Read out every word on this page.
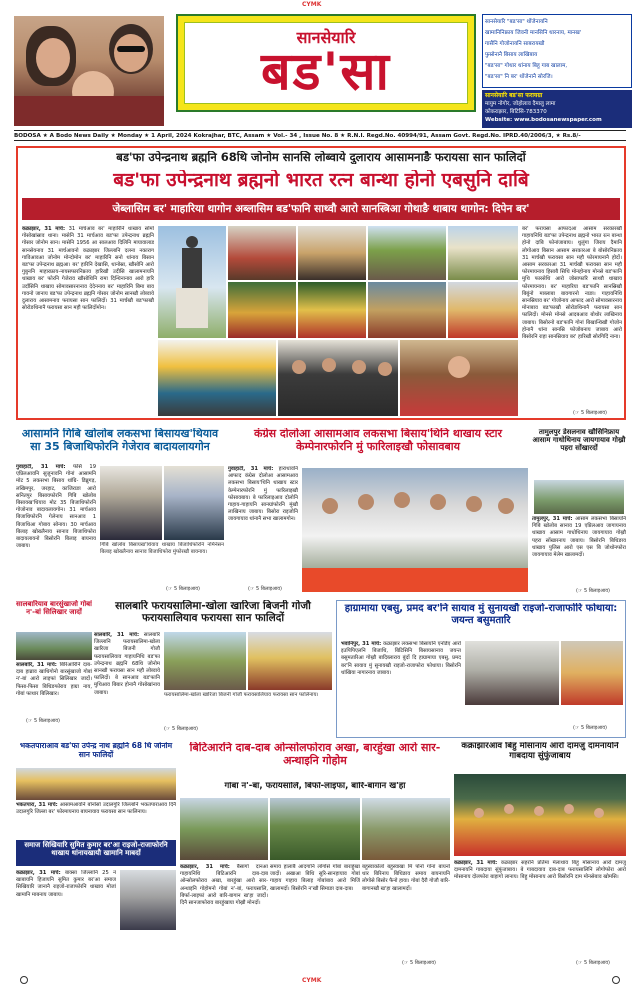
CYMK
सानसेयारि
बड'सा
सानसेयारि "बड'सा" थोंजेनायनि
खामानिनिफ्राय जिवनी मानसिनि थारनाय, मानख'
गासैनि गोजोनायनि साबरायखौ
फुस्रोनानै बिसाय लाखिबाय
"बड'सा" गोथार थांनाय बिहु गाब खालाम,
"बड'सा" नि बर' थोंजेनानै सोरजि।
सानसेयारि बड'सा फरायग्रा
मायुम नोगोर, जोहोलाव दैमालु लामा
कोकराझार, बिटिसि-783370
Website: www.bodosanewspaper.com
BODOSA ★ A Bodo News Daily ★ Monday ★ 1 April, 2024 Kokrajhar, BTC, Assam ★ Vol.- 34 , Issue No. 8 ★ R.N.I. Regd.No. 40994/91, Assam Govt. Regd.No. IPRD.40/2006/3, ★ Rs.8/-
बड'फा उपेन्द्रनाथ ब्रह्मनि 68थि जोनोम सानसि लोब्वाये दुलाराय आसामनाङै फरायसा सान फालिदों
बड'फा उपेन्द्रनाथ ब्रह्मनो भारत रत्न बान्था होनो एबसुनि दाबि
जेब्लासिम बर' माहारिया थागोन अब्लासिम बड'फानि साथ्वौ आरो सानस्त्रिआ गोथाङै थाबाय थागोन: दिपेन बर'
कक्राझार, 31 मार्च: 31 मार्चआव बर' माहारिनि थाखाय सोमो गोसोखांस्राव थाना। मासेनि 31 मार्चआव बड'फा उपेन्द्रनाथ ब्रह्मनि गोसार जोनोम सान। मासेनि 1956 आ सालआव दिलिनि मायावालाड सानसेयनाव 31 मार्चआवनो कक्राझार जिल्लानि दलना नकाराग गाविआवआ जोनोम मोन्दोमोन बर' माहारिनि सनो थांनाय बिसान बड'फा उपेन्द्रनाथ ब्रह्मआ। बर' हारिनि देखासि, थानोस्रा, खौसोनि आरो गुबुननि माहारफ्राय-नायसफारनिफ्राय हारिखौ उदीसि खालामनायनि थाखाय बर' फोरनि गेजेराव खौसोथिनि रामा दिन्थिनानाव आरो हारि उदाँसिनि थाखाय सोमावसारनानाव देदेननाय बर' माहारिनि बिमा बाव गावनो जानाय बड'फा उपेन्द्रनाथ ब्रह्मनि गोसार जोनोम सानखौ लोब्वाये दुलाराय आसामनाव फरायसा सान फालिदों। 31 मार्चखौ बड'फाखौ सोरोङथिनानै फरायसा सान महौ फालिदोंमोन।
बर' फरायसा आफादआ आसाम सरकारखौ गाहायनिथि बड'फा उपेन्द्रनाथ ब्रह्मनो भारत रत्न बान्था होनो दाबि फोनांजाबाय। थुलुंगा जिराय दैमानि लोगोआव बिसान आसाम सरकारआ बे बोसोरनिफ्राय 31 मार्चखौ फरायसा सान महौ फोरमायनानै होदों। आसाम सरकारआ 31 मार्चखौ फरायसा सान महौ फोरमायनाय हिसाबै सिथि मोनहोनाय मोनसे बड'फानि मुथि फारसेथि आरो जोसाफारि साथ्वौ थाखाय फोरमायनाय। बर' माहारिया बड'फानि सानस्रिखौ बिबुंनो माब्लाबा बावगारनो नाङा। गाहायनिथि सानस्रियाव बर' गोजोनाय आफाद आरो सोमावसारनाय मोनाबाव बड'फाखौ सोरोङथिनानै फरायसा सान फालिदों। मोनसे मोनसे आदबआव बोथोर लाखिनाय जाबाय। बिसोरनो बड'फानि गोनां बिखान्थिखौ गोजोन होनानै थांना सानस्रि फोजोबनाय जाबाय आरो बिसोरनि राहा सानस्रियाव बर' हारिखौ सोरगिदिं नाना।
(☞ 5 बिलाइआव)
आसामनि गिबि खोलोब लकसभा बिसायख'थियाव सा 35 बिजाथिफोरनि गेजेराव बादायलायगोन
गुवाहाटी, 31 मार्च: फेसि 19 एप्रिलआवनि सुजुनावनि गोनां आसामनि मोट 5 लकसभा बिसाय थांग्रि- डिब्रुगड़, लखिमपुर, जरहाट, काजिराङा आरो सनितपुर बिसायफोरनि गिबि खोलोब बिसायख'थियाव मोट 35 बिजाथिफोरनि गोजोनाव बादायलायगोन। 31 मार्चआव बिजाथिफोरनि गेलेनाय सानआव 1 बिजाथिआ गोबाय सोनाय। 30 मार्चआव बिलाइ खोख्लैनाय सानाव बिजाथिफोरा बादायलायनो बिसोरनि बिलाइ बायनाय जाबाय।	गिबि खोलोब बिसायख'थियाव थाखाय बिजाथिफोरनि नमिनेसन बिलाइ खोख्लैनाय सानाव बिजाथिफोरा मुंफोरखौ बायनाय।
(☞ 5 बिलाइआव)
कंग्रेस दोलोआ आसामआव लकसभा बिसाय'थिनि थाखाय स्टार केम्पेनारफोरनि मुं फारिलाइखौ फोसावबाय
गुवाहाटी, 31 मार्च: हाराथावनि आफाद कंग्रेस दोलोआ आसामआव लकसभा बिसाय'थिनि थाखाय स्टार केम्पेनारफोरनि मुं फारिलाइखौ फोसावबाय। बे फारिलाइआव दोलोनि गाहाय-गाहायनि सानग्रांफोरनि मुंखौ लाखिनाय जाबाय। बिसोरा राइजोनि जायगायाव थांनानै सभा खालामगोन।
(☞ 5 बिलाइआव)
तामुलपुर डेसलनाव खौसिनिफ्राय आसाम गाधोथिनाय जायगायाव गोख्रौ पहरा सोंखारदों
तामुलपुर, 31 मार्च: आसाम लकसभा बिसायनि गिबि खोलोब सानाव 19 एप्रिलआव जागायनाय थाखाय आसाम गाधोथिनाय जायगायाव गोख्रौ पहरा सोंखारनाय जाबाय। बिसोरनि बिथिङाव थाखाय पुलिस आरो एस एस बि जोथोनफोरा जायगायाव मेलेम खालामदों।
(☞ 5 बिलाइआव)
सालबारियाव बारसुंखाजो गोबां न'-बां सिलिखार जादों
सालबारि, 31 मार्च: बिरिआरिनि दाब-दाब हाब्राव खाथिगोनो बारसुंखाजो गोबां न'-बां आरो लाइफां सिलिखार जादों। फिसा-फिसा बिथिङफोराव हाग्रा नाय, गोबां फाथार बिलिखार।
(☞ 5 बिलाइआव)
सालबारि फरायसालिमा-खोला खारिजा बिजनी गोजौ फरायसालियाव फरायसा सान फालिदों
सालबारि, 31 मार्च: सालबारि जिल्लानि फरायसालिमा-खोला खारिजा बिजनी गोजौ फरायसालियाव गाहायनिथि बड'फा उपेन्द्रनाथ ब्रह्मनि 68थि जोनोम सानखौ फरायसा सान महौ लोब्वाये फालिदों। बे सानआव बड'फानि मुथिआव बिबार होनानै गोसोखांनाय जाबाय।	फरायसालिमा-खोला खारिजा बिजनी गोजौ फरायसालियाव फरायसा सान फालिनाय।
(☞ 5 बिलाइआव)
भकतपाराआव बड'फा उपेन्द्र नाथ ब्रह्मनि 68 थि जोनोम सान फालिदों
भकतपारा, 31 मार्च: आसामआवनि बोनोसो उदालगुरि जिल्लानि भकतपाराआव दिनै उदालगुरि जिल्ला बर' फोरमायनाय बायनायाव फरायसा सान फालिनाय।
समाज सिखियारि सुमित कुमार बर'आ राइजो-राजाफोरनि थाखाय थांनायखायौ खामानि माबदों
कक्राझार, 31 मार्च: बाक्सा जिल्लानि 25 नं खाबायनि हिजायनि सुमित कुमार बर'आ समाज सिखियारि जानानै राइजो-राजाफोरनि थाखाय मोजां खामानि माबनाय जाबाय।
हाग्रामाया एबसु, प्रमद बर'नि सायाव मुं सुनायखौ राइजो-राजाफोरि फोथाया: जयन्त बसुमतारि
भवानिपुर, 31 मार्च: कक्राझार लकसभा बिसायनि एनडिए आरो इउपिपिएलनि बिजाथि, बिटिसिनि बिसायसानाव जयन्त बसुमतारिआ गोख्रौ बादिब्लाराय बुंदों दि हाग्रामाया एबसु, प्रमद बर'नि सायाव मुं सुनायखौ राइजो-राजाफोरा फोथाया। बिसोरनि थांखिया नागारनाय जाबाय।
(☞ 5 बिलाइआव)
बिटिआरनि दाब-दाब ओन्सोलफोराव अखा, बारहुंखा आरो सार-अन्थाइनि गोहोम
गोबां न'-बां, फरायसालि, बिर्फा-लाइफां, बारि-बागान ख'हा
कक्राझार, 31 मार्च: बैसागो दानआ गाहायनिथि बिटिआरनि दाब-दाब ओन्सोलफोराव अखा, बारहुंखा आरो सार-अन्थाइनि गोहोमनो गोबां न'-बां, फरायसालि, बिर्फा-लाइफां आरो बारि-बागान ख'हा जादों। दिनै सानजाफोराव बारहुंखाया गोख्रौ मोनदों।
समाय हालाबै आदगानि लोगोसे गोबां बाराहुंखा जादों। अखाआ बिथि सुरि-सानहायाव गोबां गाहाय गाहाय बिलाइ गोबांबाव आरो मिजिं खालामदों। बिसोरनि न'खौ सिमाङा दाब-दाब।
बहुस्वाकोलो बहुस्वाखा मि पोनो गोनां बायनो थार बिरिनाय बिथिङाव समाय बायनायनि लोगोसे बिसोर फैनो हाया। गोबां दैरौ गोजौ बारि-बागानखौ ख'हा खालामदों।
(☞ 5 बिलाइआव)
कक्राझारआव बिहु मोसानाय आरो दामजु दामनायनि गाबदाया सुंफुंजाबाय
कक्राझार, 31 मार्च: कक्राझार सहरनि प्रतिमा मेलाथाव बिहु मोसानाय आरो दामजु दामनायनि गाबदाया सुंफुंजाबाय। बे गाबदायाव दाब-दाब फरायसालिनि लोगोफोरा आरो मोसानाय दोलफोरा बाहागो लानाय। बिहु मोसानाय आरो बिसोरनि दाम मोनसेबाव खोमसि।
(☞ 5 बिलाइआव)
CYMK
